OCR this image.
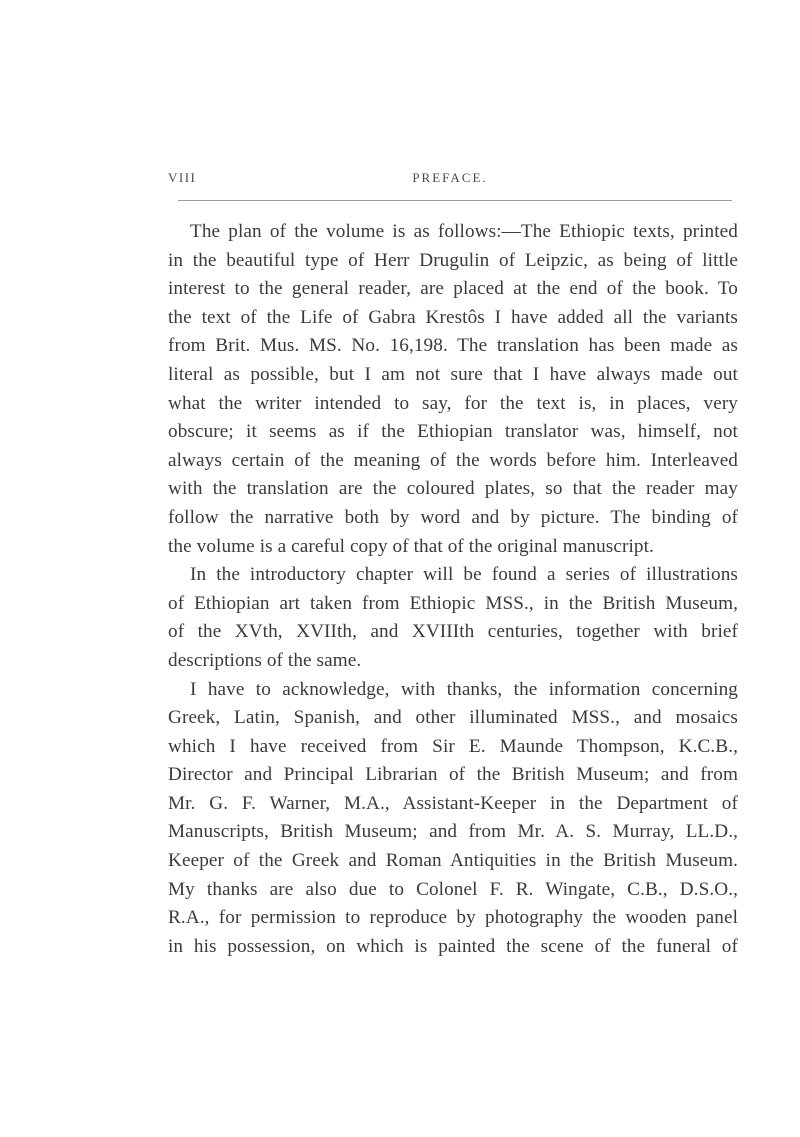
VIII	PREFACE.
The plan of the volume is as follows:—The Ethiopic texts, printed
in the beautiful type of Herr Drugulin of Leipzic, as being of little
interest to the general reader, are placed at the end of the book. To
the text of the Life of Gabra Krestôs I have added all the variants
from Brit. Mus. MS. No. 16,198. The translation has been made as
literal as possible, but I am not sure that I have always made out
what the writer intended to say, for the text is, in places, very
obscure; it seems as if the Ethiopian translator was, himself, not
always certain of the meaning of the words before him. Interleaved
with the translation are the coloured plates, so that the reader may
follow the narrative both by word and by picture. The binding of
the volume is a careful copy of that of the original manuscript.
In the introductory chapter will be found a series of illustrations
of Ethiopian art taken from Ethiopic MSS., in the British Museum,
of the XVth, XVIIth, and XVIIIth centuries, together with brief
descriptions of the same.
I have to acknowledge, with thanks, the information concerning
Greek, Latin, Spanish, and other illuminated MSS., and mosaics
which I have received from Sir E. Maunde Thompson, K.C.B.,
Director and Principal Librarian of the British Museum; and from
Mr. G. F. Warner, M.A., Assistant-Keeper in the Department of
Manuscripts, British Museum; and from Mr. A. S. Murray, LL.D.,
Keeper of the Greek and Roman Antiquities in the British Museum.
My thanks are also due to Colonel F. R. Wingate, C.B., D.S.O.,
R.A., for permission to reproduce by photography the wooden panel
in his possession, on which is painted the scene of the funeral of
